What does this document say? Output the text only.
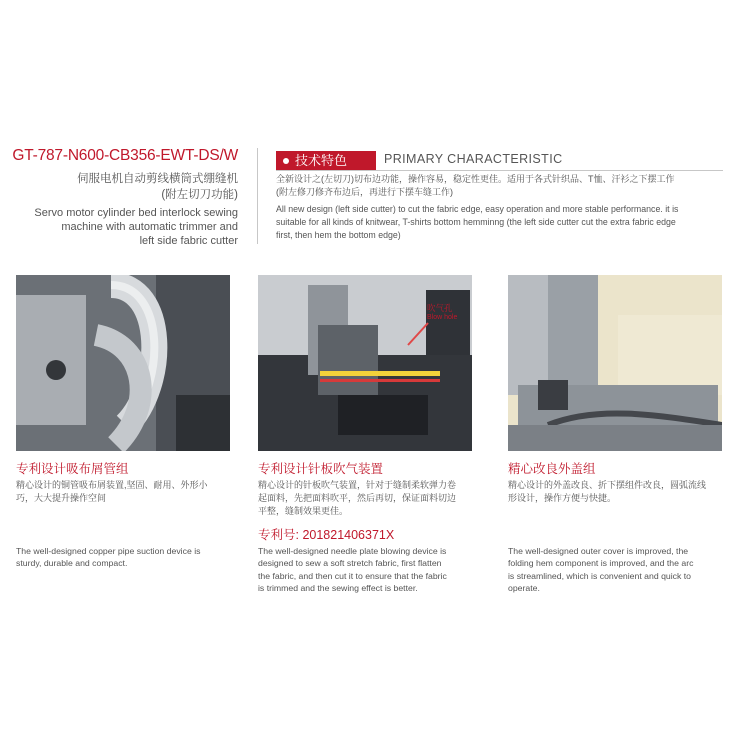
GT-787-N600-CB356-EWT-DS/W
伺服电机自动剪线横筒式绷缝机
(附左切刀功能)
Servo motor cylinder bed interlock sewing
machine with automatic trimmer and
left side fabric cutter
技术特色	PRIMARY CHARACTERISTIC
全新设计之(左切刀)切布边功能，操作容易，稳定性更佳。适用于各式针织品、T恤、汗衫之下摆工作
(附左修刀修齐布边后，再进行下摆车缝工作)
All new design (left side cutter) to cut the fabric edge, easy operation and more stable performance. it is
suitable for all kinds of knitwear, T-shirts bottom hemminng (the left side cutter cut the extra fabric edge
first, then hem the bottom edge)
吹气孔
Blow hole
专利设计吸布屑管组
精心设计的铜管吸布屑装置,坚固、耐用、外形小
巧，大大提升操作空间
The well-designed copper pipe suction device is
sturdy, durable and compact.
专利设计针板吹气装置
精心设计的针板吹气装置，针对于缝制柔软弹力卷
起面料，先把面料吹平，然后再切，保证面料切边
平整，缝制效果更佳。
专利号: 201821406371X
The well-designed needle plate blowing device is
designed to sew a soft stretch fabric, first flatten
the fabric, and then cut it to ensure that the fabric
is trimmed and the sewing effect is better.
精心改良外盖组
精心设计的外盖改良、折下摆组件改良，圆弧流线
形设计，操作方便与快捷。
The well-designed outer cover is improved, the
folding hem component is improved, and the arc
is streamlined, which is convenient and quick to
operate.
